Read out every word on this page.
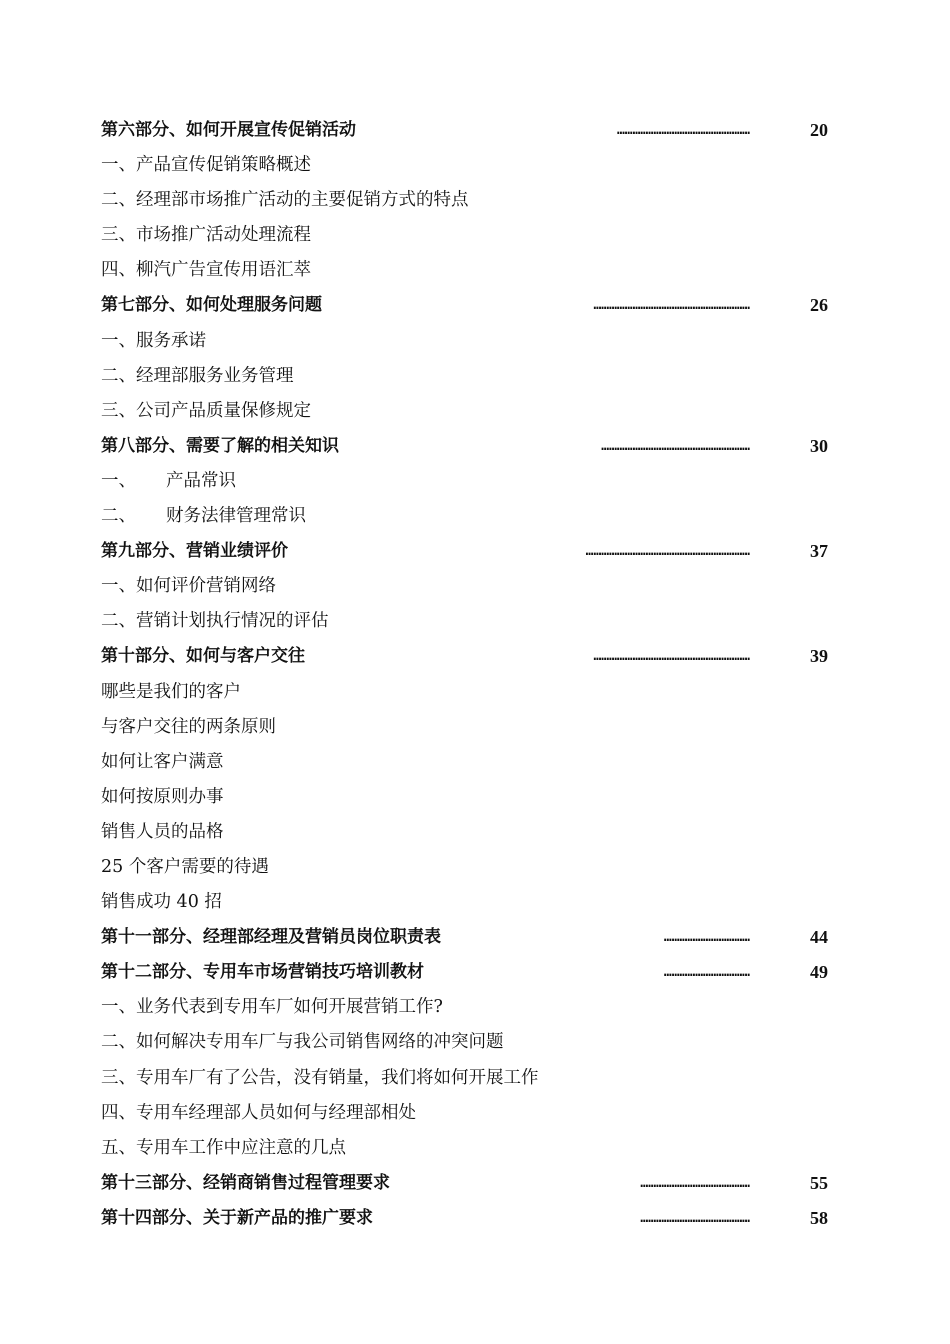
第六部分、如何开展宣传促销活动	……………………………………………	20
一、产品宣传促销策略概述
二、经理部市场推广活动的主要促销方式的特点
三、市场推广活动处理流程
四、柳汽广告宣传用语汇萃
第七部分、如何处理服务问题	……………………………………………………	26
一、服务承诺
二、经理部服务业务管理
三、公司产品质量保修规定
第八部分、需要了解的相关知识	…………………………………………………	30
一、 产品常识
二、 财务法律管理常识
第九部分、营销业绩评价	………………………………………………………	37
一、如何评价营销网络
二、营销计划执行情况的评估
第十部分、如何与客户交往	……………………………………………………	39
哪些是我们的客户
与客户交往的两条原则
如何让客户满意
如何按原则办事
销售人员的品格
25 个客户需要的待遇
销售成功 40 招
第十一部分、经理部经理及营销员岗位职责表	……………………………	44
第十二部分、专用车市场营销技巧培训教材	……………………………	49
一、业务代表到专用车厂如何开展营销工作?
二、如何解决专用车厂与我公司销售网络的冲突问题
三、专用车厂有了公告，没有销量，我们将如何开展工作
四、专用车经理部人员如何与经理部相处
五、专用车工作中应注意的几点
第十三部分、经销商销售过程管理要求	……………………………………	55
第十四部分、关于新产品的推广要求	……………………………………	58
